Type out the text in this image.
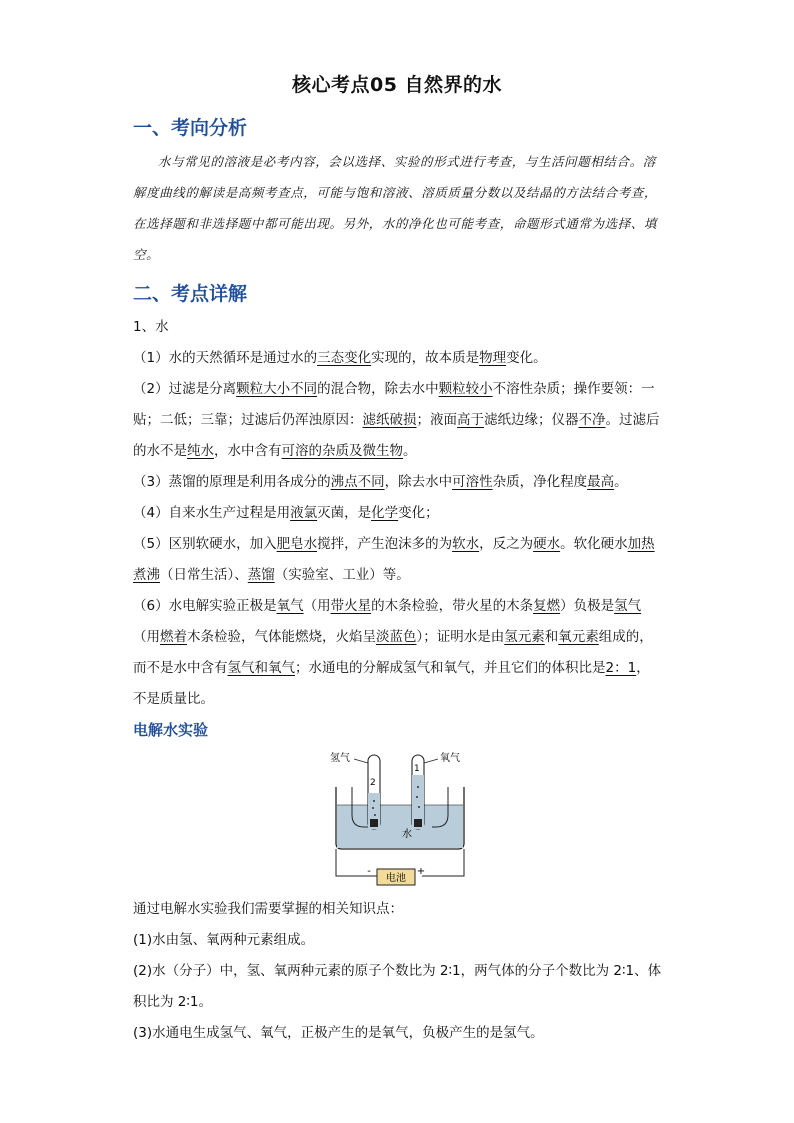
核心考点05 自然界的水
一、考向分析

水与常见的溶液是必考内容，会以选择、实验的形式进行考查，与生活问题相结合。溶解度曲线的解读是高频考查点，可能与饱和溶液、溶质质量分数以及结晶的方法结合考查，在选择题和非选择题中都可能出现。另外，水的净化也可能考查，命题形式通常为选择、填空。

二、考点详解

1、水

（1）水的天然循环是通过水的三态变化实现的，故本质是物理变化。

（2）过滤是分离颗粒大小不同的混合物，除去水中颗粒较小不溶性杂质；操作要领：一贴；二低；三靠；过滤后仍浑浊原因：滤纸破损；液面高于滤纸边缘；仪器不净。过滤后的水不是纯水，水中含有可溶的杂质及微生物。

（3）蒸馏的原理是利用各成分的沸点不同，除去水中可溶性杂质，净化程度最高。

（4）自来水生产过程是用液氯灭菌，是化学变化；

（5）区别软硬水，加入肥皂水搅拌，产生泡沫多的为软水，反之为硬水。软化硬水加热煮沸（日常生活）、蒸馏（实验室、工业）等。

（6）水电解实验正极是氧气（用带火星的木条检验，带火星的木条复燃）负极是氢气（用燃着木条检验，气体能燃烧，火焰呈淡蓝色）；证明水是由氢元素和氧元素组成的，而不是水中含有氢气和氧气；水通电的分解成氢气和氧气，并且它们的体积比是2：1，不是质量比。

电解水实验
电池
-	+
氢气	氧气
2
1
水

通过电解水实验我们需要掌握的相关知识点：

(1)水由氢、氧两种元素组成。

(2)水（分子）中，氢、氧两种元素的原子个数比为 2∶1，两气体的分子个数比为 2∶1、体积比为 2∶1。

(3)水通电生成氢气、氧气，正极产生的是氧气，负极产生的是氢气。
